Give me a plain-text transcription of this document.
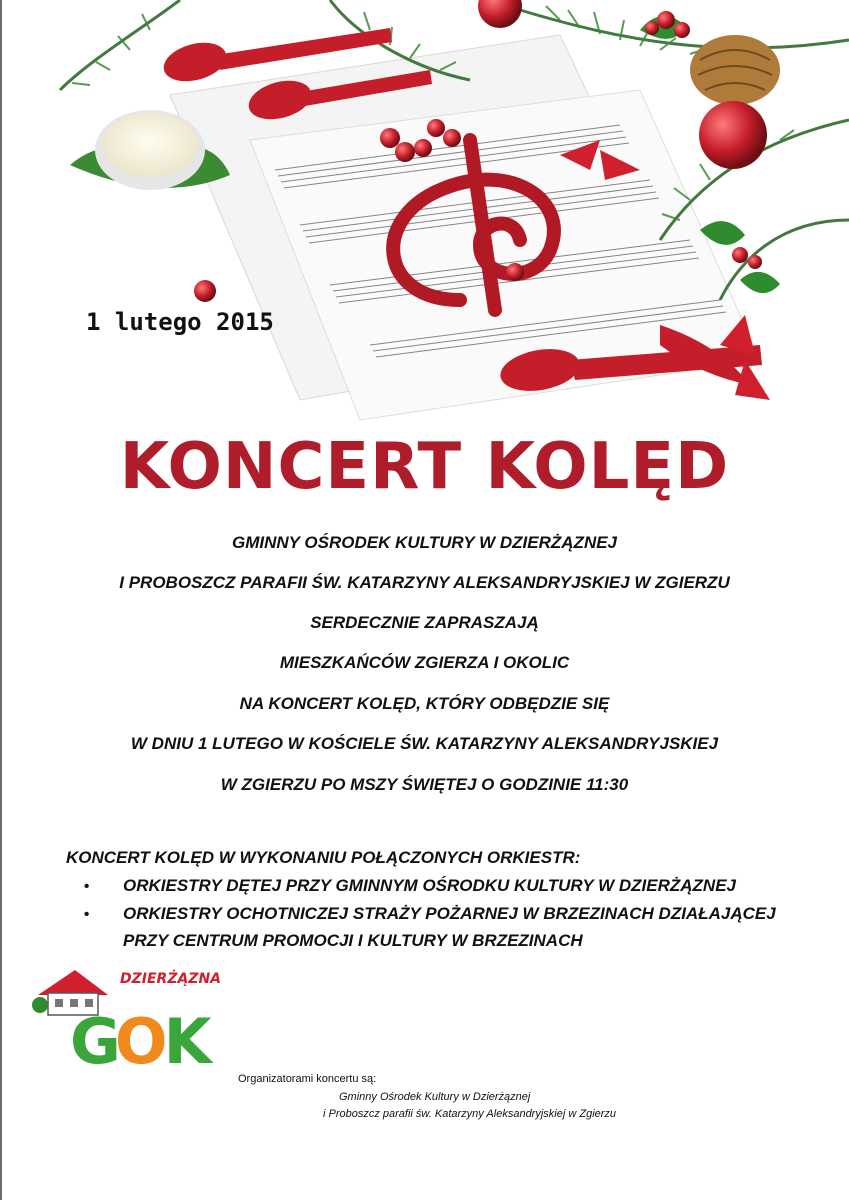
1 lutego 2015
KONCERT KOLĘD
GMINNY OŚRODEK KULTURY W DZIERŻĄZNEJ
I PROBOSZCZ PARAFII ŚW. KATARZYNY ALEKSANDRYJSKIEJ W ZGIERZU
SERDECZNIE ZAPRASZAJĄ
MIESZKAŃCÓW ZGIERZA I OKOLIC
NA KONCERT KOLĘD, KTÓRY ODBĘDZIE SIĘ
W DNIU 1 LUTEGO W KOŚCIELE ŚW. KATARZYNY ALEKSANDRYJSKIEJ
W ZGIERZU PO MSZY ŚWIĘTEJ O GODZINIE 11:30
KONCERT KOLĘD W WYKONANIU POŁĄCZONYCH ORKIESTR:
• ORKIESTRY DĘTEJ PRZY GMINNYM OŚRODKU KULTURY W DZIERŻĄZNEJ
• ORKIESTRY OCHOTNICZEJ STRAŻY POŻARNEJ W BRZEZINACH DZIAŁAJĄCEJ
PRZY CENTRUM PROMOCJI I KULTURY W BRZEZINACH
DZIERŻĄZNA
GOK
Organizatorami koncertu są:
Gminny Ośrodek Kultury w Dzierżąznej
i Proboszcz parafii św. Katarzyny Aleksandryjskiej w Zgierzu
